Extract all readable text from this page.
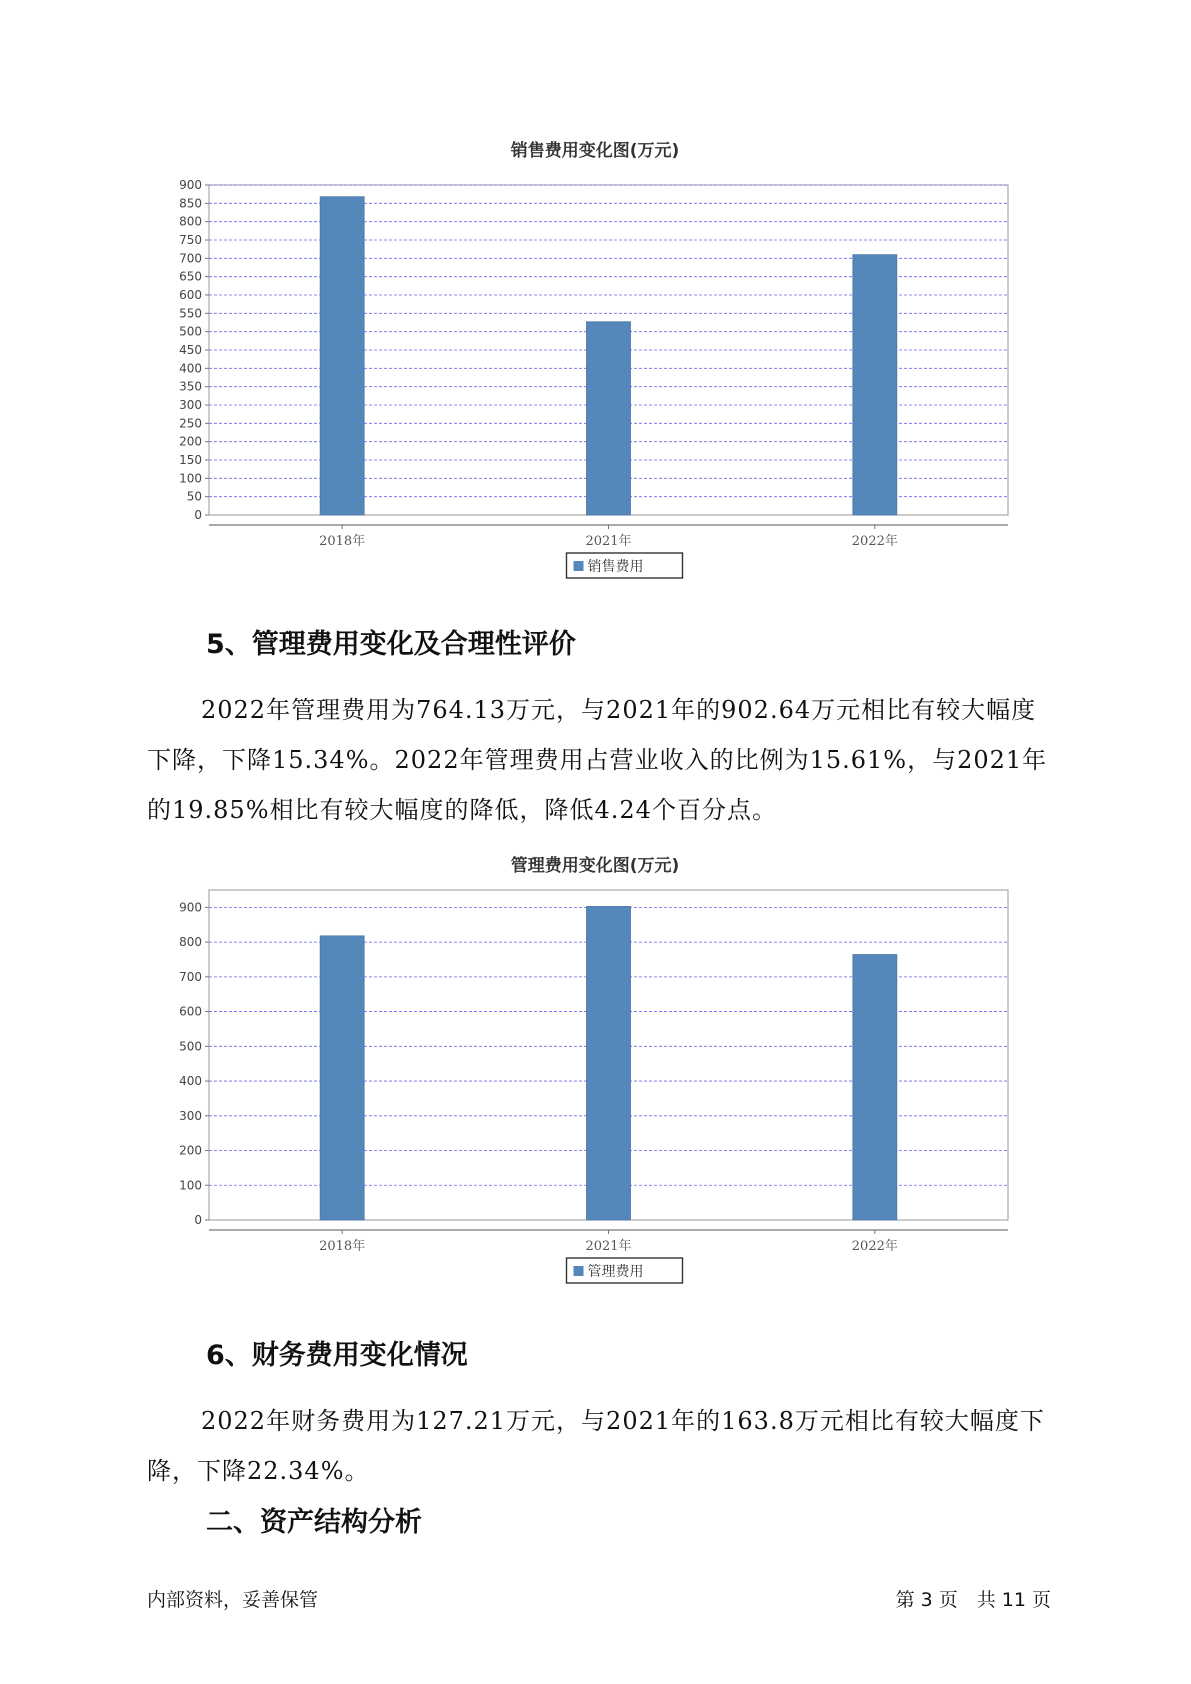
销售费用变化图(万元)
0
50
100
150
200
250
300
350
400
450
500
550
600
650
700
750
800
850
900
2018年	2021年	2022年
销售费用
5、管理费用变化及合理性评价

2022年管理费用为764.13万元，与2021年的902.64万元相比有较大幅度下降，下降15.34%。2022年管理费用占营业收入的比例为15.61%，与2021年的19.85%相比有较大幅度的降低，降低4.24个百分点。

管理费用变化图(万元)
0
100
200
300
400
500
600
700
800
900
2018年	2021年	2022年
管理费用
6、财务费用变化情况

2022年财务费用为127.21万元，与2021年的163.8万元相比有较大幅度下降，下降22.34%。

二、资产结构分析
内部资料，妥善保管	第 3 页　共 11 页
